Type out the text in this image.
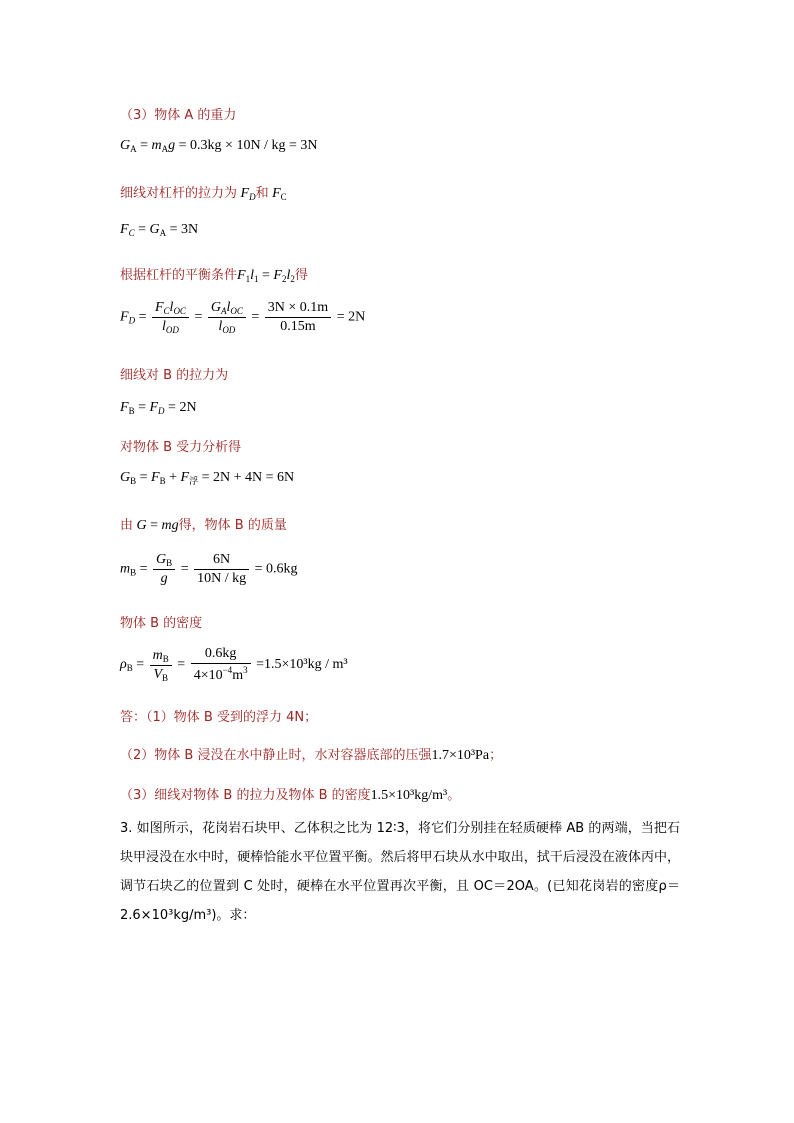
（3）物体 A 的重力
$G_A = m_Ag = 0.3kg \times 10N$ / kg = 3N
细线对杠杆的拉力为 $F_D$和 $F_C$
$F_C = G_A = 3N$
根据杠杆的平衡条件$F_1l_1 = F_2l_2$得
$F_D = \frac{F_Cl_{OC}}{l_{OD}} = \frac{G_Al_{OC}}{l_{OD}} = \frac{3N \times 0.1m}{0.15m} = 2N$
细线对 B 的拉力为
$F_B = F_D = 2N$
对物体 B 受力分析得
$G_B = F_B + F_浮 = 2N + 4N = 6N$
由 G = mg得，物体 B 的质量
$m_B = \frac{G_B}{g} = \frac{6N}{10N / kg} = 0.6kg$
物体 B 的密度
$\rho_B = \frac{m_B}{V_B} = \frac{0.6kg}{4\times 10^{-4}m^3} =1.5\times 10^3kg / m^3$
答：（1）物体 B 受到的浮力 4N；
（2）物体 B 浸没在水中静止时，水对容器底部的压强1.7×10³Pa；
（3）细线对物体 B 的拉力及物体 B 的密度1.5×10³kg/m³。
3. 如图所示，花岗岩石块甲、乙体积之比为 12∶3，将它们分别挂在轻质硬棒 AB 的两端，当把石块甲浸没在水中时，硬棒恰能水平位置平衡。然后将甲石块从水中取出，拭干后浸没在液体丙中，调节石块乙的位置到 C 处时，硬棒在水平位置再次平衡，且 OC＝2OA。(已知花岗岩的密度ρ＝2.6×10³kg/m³)。求：
